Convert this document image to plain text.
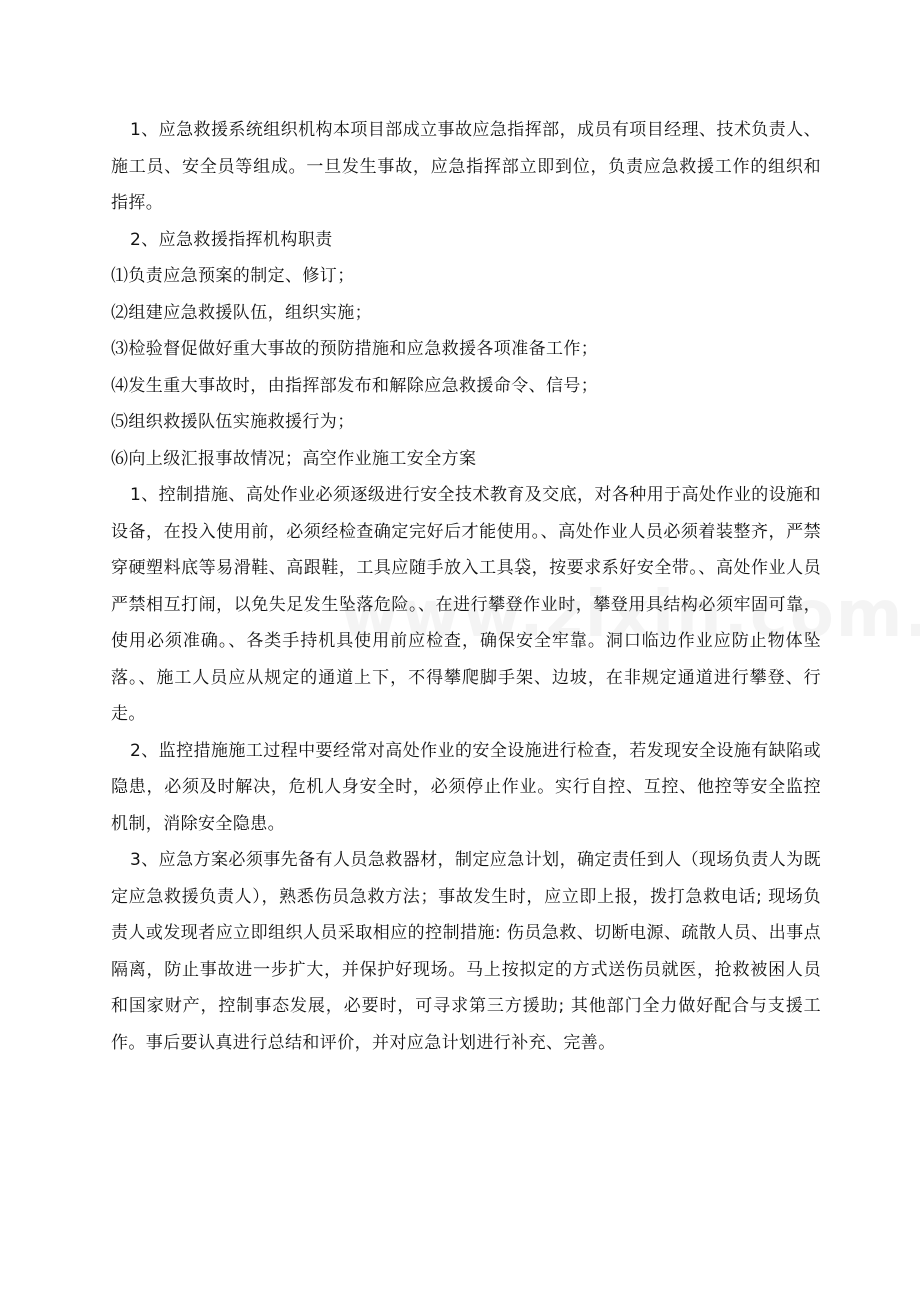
1、应急救援系统组织机构本项目部成立事故应急指挥部，成员有项目经理、技术负责人、施工员、安全员等组成。一旦发生事故，应急指挥部立即到位，负责应急救援工作的组织和指挥。

2、应急救援指挥机构职责

⑴负责应急预案的制定、修订；

⑵组建应急救援队伍，组织实施；

⑶检验督促做好重大事故的预防措施和应急救援各项准备工作；

⑷发生重大事故时，由指挥部发布和解除应急救援命令、信号；

⑸组织救援队伍实施救援行为；

⑹向上级汇报事故情况；高空作业施工安全方案

1、控制措施、高处作业必须逐级进行安全技术教育及交底，对各种用于高处作业的设施和设备，在投入使用前，必须经检查确定完好后才能使用。、高处作业人员必须着装整齐，严禁穿硬塑料底等易滑鞋、高跟鞋，工具应随手放入工具袋，按要求系好安全带。、高处作业人员严禁相互打闹，以免失足发生坠落危险。、在进行攀登作业时，攀登用具结构必须牢固可靠，使用必须准确。、各类手持机具使用前应检查，确保安全牢靠。洞口临边作业应防止物体坠落。、施工人员应从规定的通道上下，不得攀爬脚手架、边坡，在非规定通道进行攀登、行走。

2、监控措施施工过程中要经常对高处作业的安全设施进行检查，若发现安全设施有缺陷或隐患，必须及时解决，危机人身安全时，必须停止作业。实行自控、互控、他控等安全监控机制，消除安全隐患。

3、应急方案必须事先备有人员急救器材，制定应急计划，确定责任到人（现场负责人为既定应急救援负责人），熟悉伤员急救方法；事故发生时，应立即上报，拨打急救电话; 现场负责人或发现者应立即组织人员采取相应的控制措施: 伤员急救、切断电源、疏散人员、出事点隔离，防止事故进一步扩大，并保护好现场。马上按拟定的方式送伤员就医，抢救被困人员和国家财产，控制事态发展，必要时，可寻求第三方援助; 其他部门全力做好配合与支援工作。事后要认真进行总结和评价，并对应急计划进行补充、完善。
